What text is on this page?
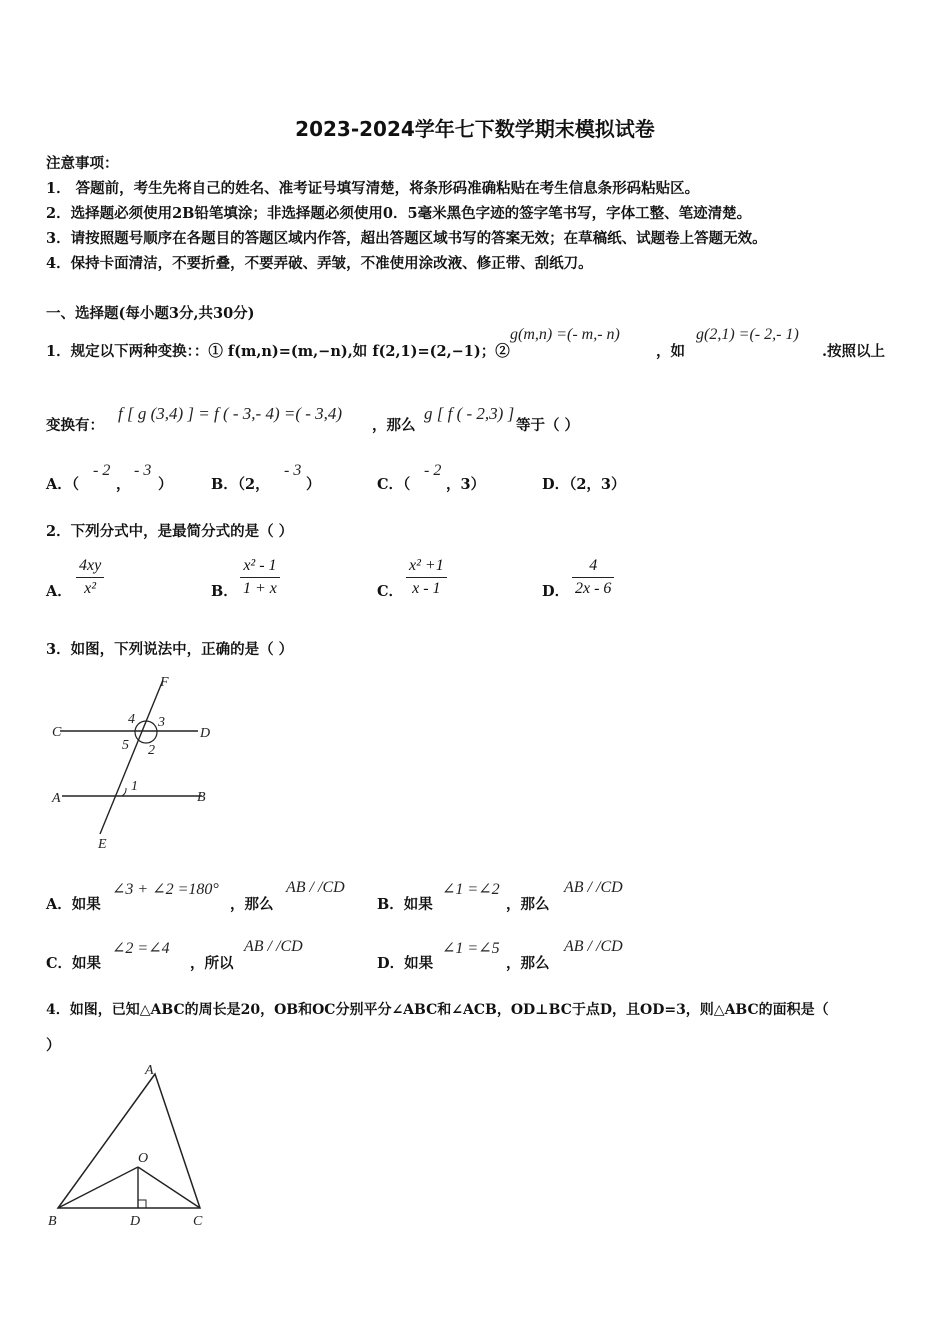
2023-2024学年七下数学期末模拟试卷
注意事项：
1． 答题前，考生先将自己的姓名、准考证号填写清楚，将条形码准确粘贴在考生信息条形码粘贴区。
2．选择题必须使用2B铅笔填涂；非选择题必须使用0．5毫米黑色字迹的签字笔书写，字体工整、笔迹清楚。
3．请按照题号顺序在各题目的答题区域内作答，超出答题区域书写的答案无效；在草稿纸、试题卷上答题无效。
4．保持卡面清洁，不要折叠，不要弄破、弄皱，不准使用涂改液、修正带、刮纸刀。
一、选择题(每小题3分,共30分)
1．规定以下两种变换：：① f(m,n)=(m,−n),如 f(2,1)=(2,−1)；②
g(m,n) =(- m,- n)
，如
g(2,1) =(- 2,- 1)
.按照以上
变换有：
f [ g (3,4) ] = f ( - 3,- 4) =( - 3,4)
，那么
g [ f ( - 2,3) ]
等于（ ）
A．（
- 2
，
- 3
）	B．（2，
- 3
）	C．（
- 2
，3）	D．（2，3）
2．下列分式中，是最简分式的是（ ）
A． $\frac{4xy}{\text{x²}}$	B． $\frac{\text{x² - 1}}{1 + x}$	C． $\frac{\text{x² +1}}{x - 1}$	D． $\frac{4}{2x - 6}$
3．如图，下列说法中，正确的是（ ）
F
C	D
4 3
5 2
1
A	B
E
A．如果
∠3 + ∠2 =180°
，那么
AB / /CD
B．如果
∠1 =∠2
，那么
AB / /CD
C．如果
∠2 =∠4
，所以
AB / /CD
D．如果
∠1 =∠5
，那么
AB / /CD
4．如图，已知△ABC的周长是20，OB和OC分别平分∠ABC和∠ACB，OD⊥BC于点D，且OD=3，则△ABC的面积是（
）
A
O
B	D	C
